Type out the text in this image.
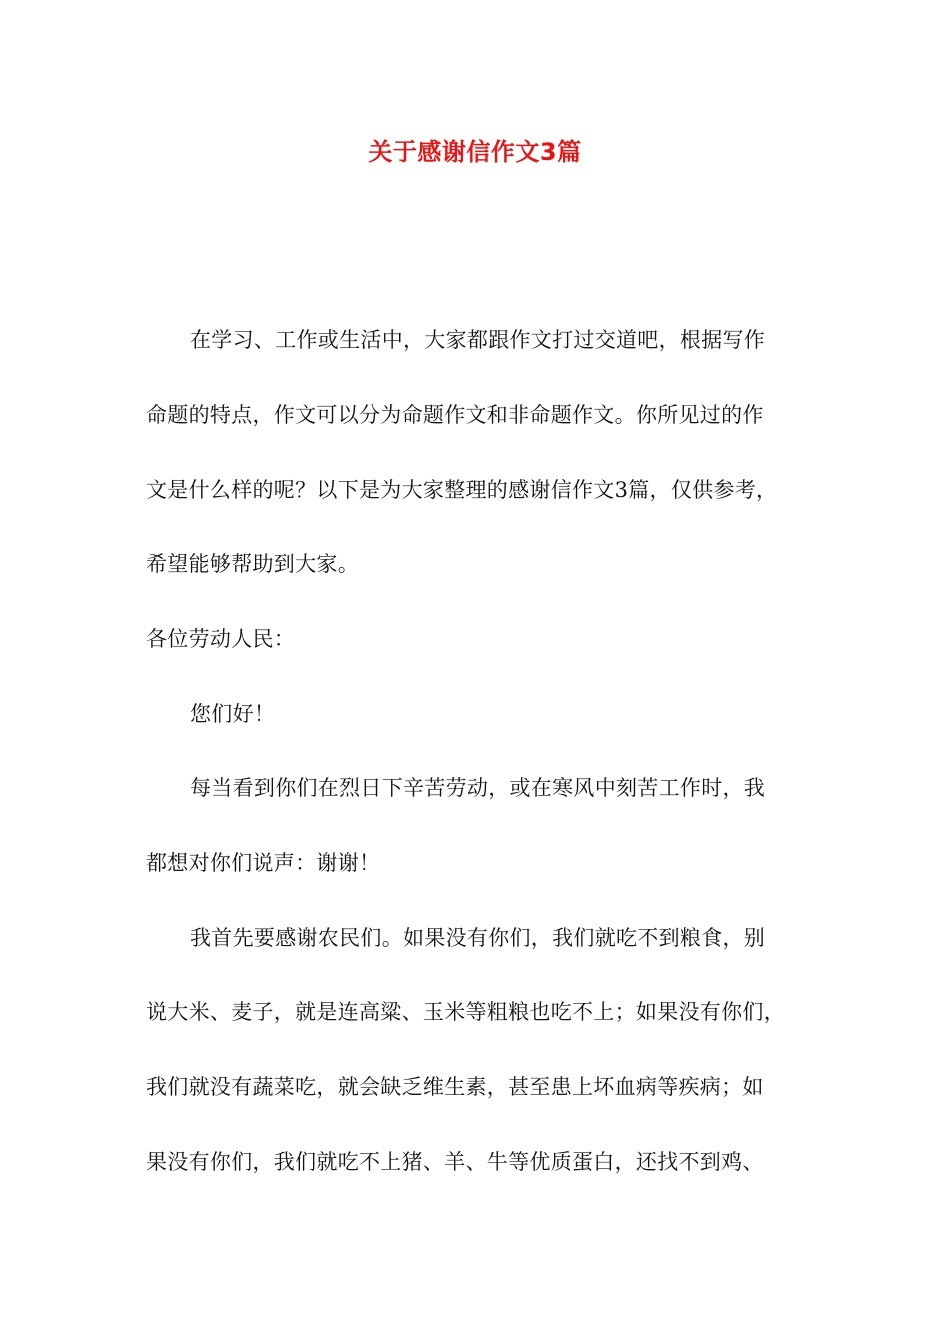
关于感谢信作文3篇
在学习、工作或生活中，大家都跟作文打过交道吧，根据写作
命题的特点，作文可以分为命题作文和非命题作文。你所见过的作
文是什么样的呢？以下是为大家整理的感谢信作文3篇，仅供参考，
希望能够帮助到大家。
各位劳动人民：
您们好！
每当看到你们在烈日下辛苦劳动，或在寒风中刻苦工作时，我
都想对你们说声：谢谢！
我首先要感谢农民们。如果没有你们，我们就吃不到粮食，别
说大米、麦子，就是连高粱、玉米等粗粮也吃不上；如果没有你们，
我们就没有蔬菜吃，就会缺乏维生素，甚至患上坏血病等疾病；如
果没有你们，我们就吃不上猪、羊、牛等优质蛋白，还找不到鸡、
